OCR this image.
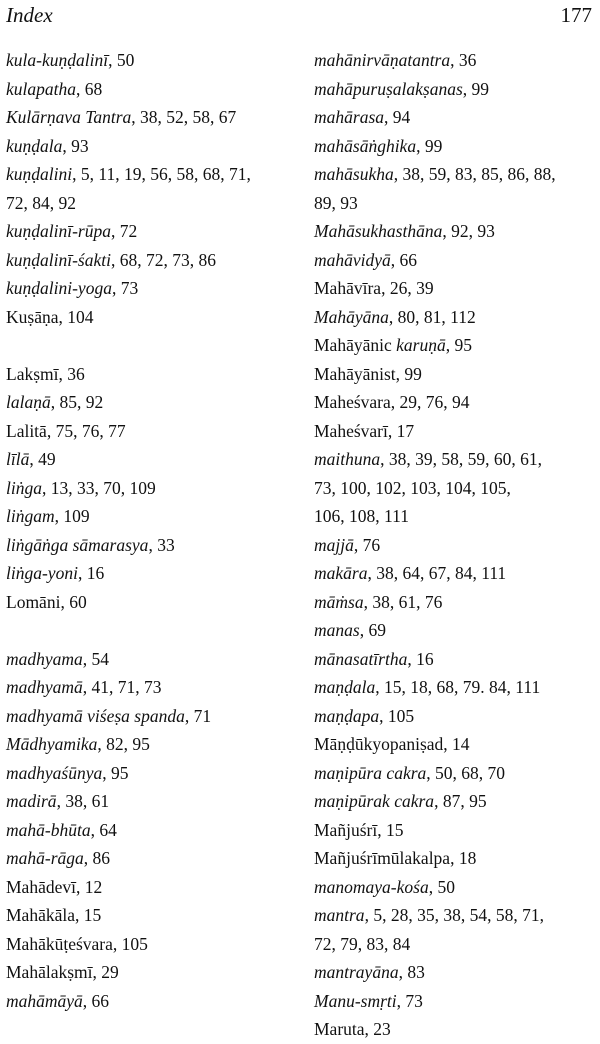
Index	177
kula-kuṇḍalinī, 50
kulapatha, 68
Kulārṇava Tantra, 38, 52, 58, 67
kuṇḍala, 93
kuṇḍalini, 5, 11, 19, 56, 58, 68, 71,
72, 84, 92
kuṇḍalinī-rūpa, 72
kuṇḍalinī-śakti, 68, 72, 73, 86
kuṇḍalini-yoga, 73
Kuṣāṇa, 104
Lakṣmī, 36
lalaṇā, 85, 92
Lalitā, 75, 76, 77
līlā, 49
liṅga, 13, 33, 70, 109
liṅgam, 109
liṅgāṅga sāmarasya, 33
liṅga-yoni, 16
Lomāni, 60
madhyama, 54
madhyamā, 41, 71, 73
madhyamā viśeṣa spanda, 71
Mādhyamika, 82, 95
madhyaśūnya, 95
madirā, 38, 61
mahā-bhūta, 64
mahā-rāga, 86
Mahādevī, 12
Mahākāla, 15
Mahākūṭeśvara, 105
Mahālakṣmī, 29
mahāmāyā, 66
mahānirvāṇatantra, 36
mahāpuruṣalakṣanas, 99
mahārasa, 94
mahāsāṅghika, 99
mahāsukha, 38, 59, 83, 85, 86, 88,
89, 93
Mahāsukhasthāna, 92, 93
mahāvidyā, 66
Mahāvīra, 26, 39
Mahāyāna, 80, 81, 112
Mahāyānic karuṇā, 95
Mahāyānist, 99
Maheśvara, 29, 76, 94
Maheśvarī, 17
maithuna, 38, 39, 58, 59, 60, 61,
73, 100, 102, 103, 104, 105,
106, 108, 111
majjā, 76
makāra, 38, 64, 67, 84, 111
māṁsa, 38, 61, 76
manas, 69
mānasatīrtha, 16
maṇḍala, 15, 18, 68, 79. 84, 111
maṇḍapa, 105
Māṇḍūkyopaniṣad, 14
maṇipūra cakra, 50, 68, 70
maṇipūrak cakra, 87, 95
Mañjuśrī, 15
Mañjuśrīmūlakalpa, 18
manomaya-kośa, 50
mantra, 5, 28, 35, 38, 54, 58, 71,
72, 79, 83, 84
mantrayāna, 83
Manu-smṛti, 73
Maruta, 23
